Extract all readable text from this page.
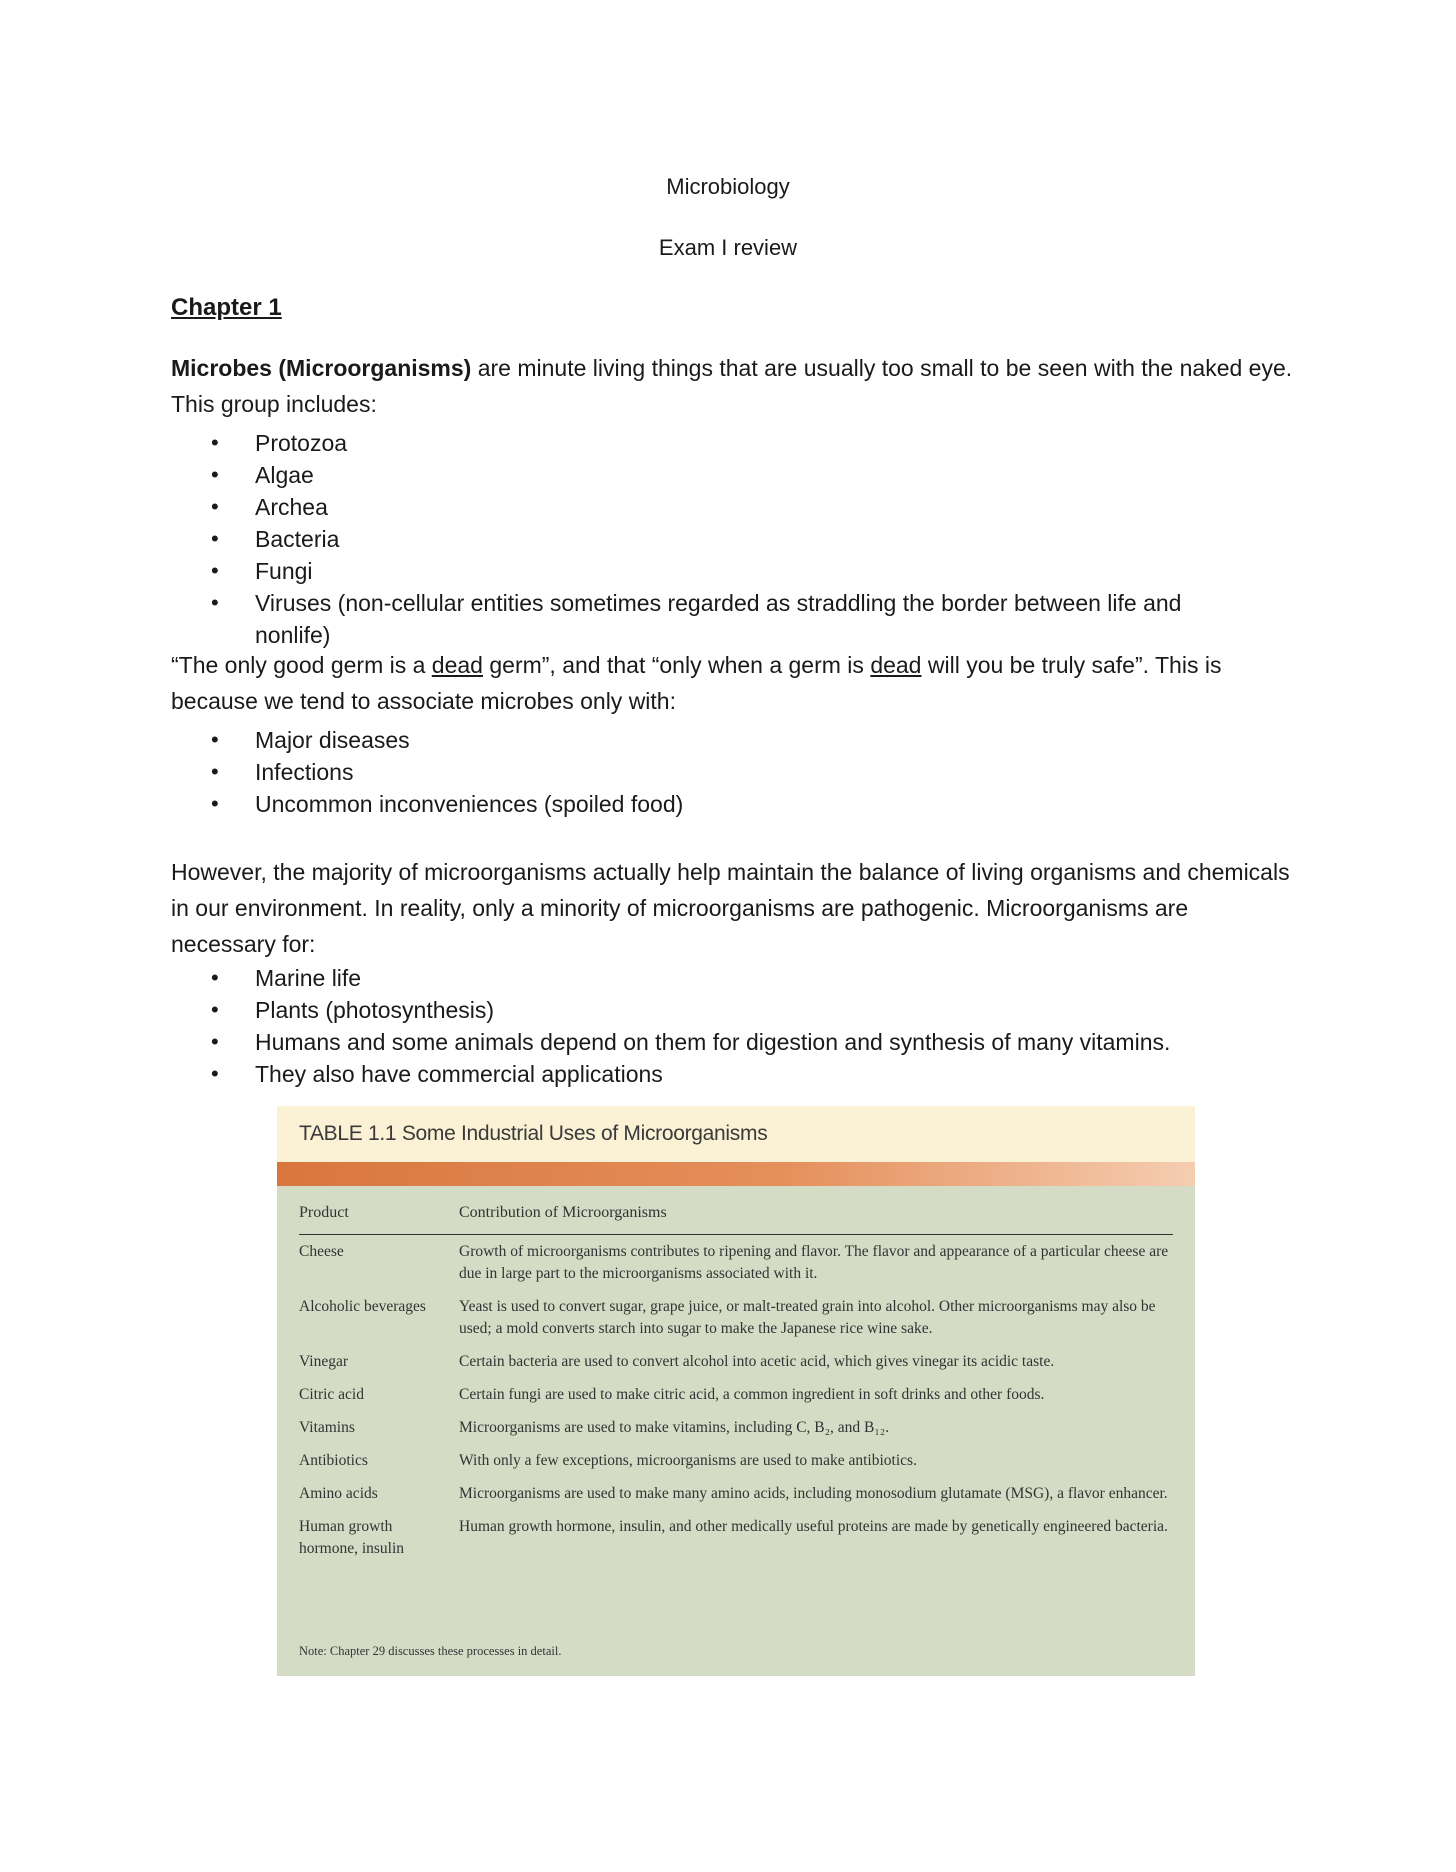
Microbiology
Exam I review
Chapter 1
Microbes (Microorganisms) are minute living things that are usually too small to be seen with the naked eye. This group includes:
• Protozoa
• Algae
• Archea
• Bacteria
• Fungi
• Viruses (non-cellular entities sometimes regarded as straddling the border between life and nonlife)
“The only good germ is a dead germ”, and that “only when a germ is dead will you be truly safe”. This is because we tend to associate microbes only with:
• Major diseases
• Infections
• Uncommon inconveniences (spoiled food)
However, the majority of microorganisms actually help maintain the balance of living organisms and chemicals in our environment. In reality, only a minority of microorganisms are pathogenic. Microorganisms are necessary for:
• Marine life
• Plants (photosynthesis)
• Humans and some animals depend on them for digestion and synthesis of many vitamins.
• They also have commercial applications
TABLE 1.1 Some Industrial Uses of Microorganisms
Product	Contribution of Microorganisms
Cheese	Growth of microorganisms contributes to ripening and flavor. The flavor and appearance of a particular cheese are due in large part to the microorganisms associated with it.
Alcoholic beverages	Yeast is used to convert sugar, grape juice, or malt-treated grain into alcohol. Other microorganisms may also be used; a mold converts starch into sugar to make the Japanese rice wine sake.
Vinegar	Certain bacteria are used to convert alcohol into acetic acid, which gives vinegar its acidic taste.
Citric acid	Certain fungi are used to make citric acid, a common ingredient in soft drinks and other foods.
Vitamins	Microorganisms are used to make vitamins, including C, B₂, and B₁₂.
Antibiotics	With only a few exceptions, microorganisms are used to make antibiotics.
Amino acids	Microorganisms are used to make many amino acids, including monosodium glutamate (MSG), a flavor enhancer.
Human growth hormone, insulin	Human growth hormone, insulin, and other medically useful proteins are made by genetically engineered bacteria.
Note: Chapter 29 discusses these processes in detail.
